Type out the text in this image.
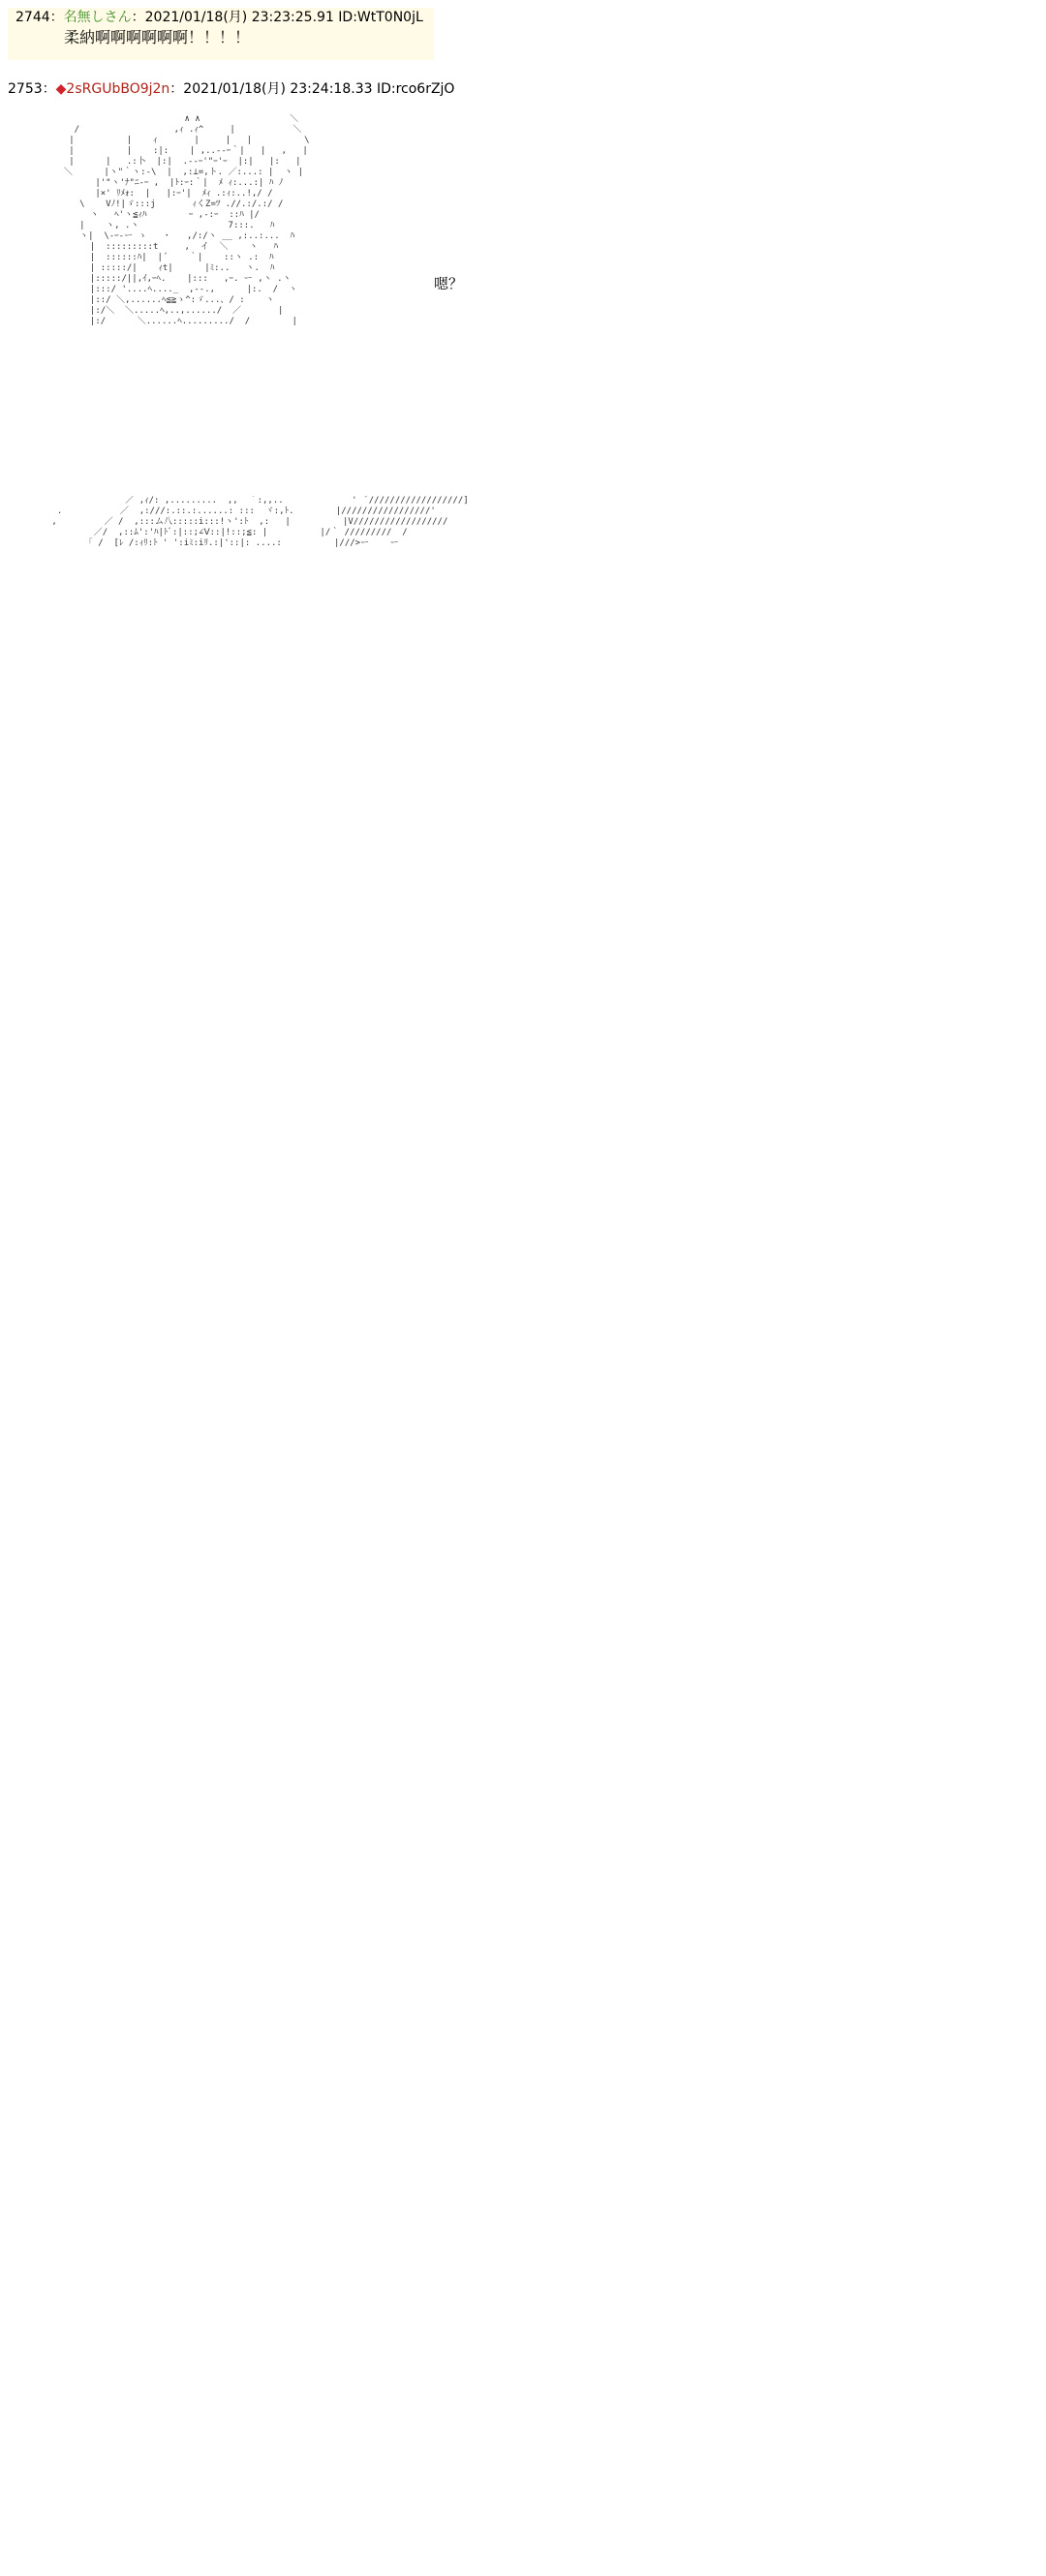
2744：名無しさん：2021/01/18(月) 23:23:25.91 ID:WtT0N0jL
柔納啊啊啊啊啊啊！！！！
2753：◆2sRGUbBO9j2n：2021/01/18(月) 23:24:18.33 ID:rco6rZjO
∧ ∧                 ＼
/                  ,ｨ .ｨ^     |           ＼
|          |    ｨ       |     |   |          \
|          |    :|:    | ,..--ｰ｀|   |   ,   |
|      |   .:卜  |:|  .--ｰ'"ｰ'ｰ  |:|   |:   |
＼      |ヽ"｀ヽ:-\  |  ,:⊥=,ト. ／:...: |  ヽ |
|'"ヽ'ﾅ"ﾆ-ｰ ,  |ﾄ:ｰ:｀|  ﾒ ｨ:...:| ﾊ ﾉ
|×' ﾘﾒｫ:  |   |:ｰ'|  ﾒｨ .:ｨ:..!,/ /
\    Vﾉ!|ゞ:::j       ｨくZ=ﾂ .//.:/.:/ /
ヽ   ﾍ'ヽ≦ｨﾊ        ｰ ,-:ｰ  ::ﾊ |/
|    ヽ, .ヽ                 7:::.   ﾊ
ヽ|  \-ｰ-ー ゝ   ・   ,/:/ヽ __ ,:..:...  ﾊ
|  :::::::::t     ,  イ  ＼    ヽ   ﾊ
|  ::::::ﾊ|  |´    ｀|    ::ヽ .:  ﾊ
| :::::/|    ｨt|      |ﾐ:..   ヽ.  ﾊ
|:::::/||,ｲ,ｰﾍ.    |:::   ,ｰ. ー ,ヽ .ヽ
|:::/ '....ﾍ...._  ,--.,      |:.  /  ヽ
|::/ ＼,......ﾍ≦≧ゝ^:ゞ...、/ :    ヽ
|:/＼  ＼.....ﾍ,..,....../  ／       |
|:/      ＼......ﾍ........./  /        |

嗯？
／ ,ｨ/: ,.........  ,,  ｀:,,..             '  ﾞ//////////////////]
.           ／  ,:///:.::.:......: :::  ヾ:,ﾄ.        |/////////////////'
,         ／ /  ,:::ム八:::::i:::!ヽ':ﾄ  ,:   |          |V//////////////////
／/  ,::ﾑ':'ﾊ|ﾄﾞ:|::;∠Ⅴ::|!::;≦: |          |/｀ /////////  /
｢ /  [ﾚ /:ｨﾘ:ﾄ ' ':iﾐ:iﾘ.:|'::|: ....:          |///>ー    ー
